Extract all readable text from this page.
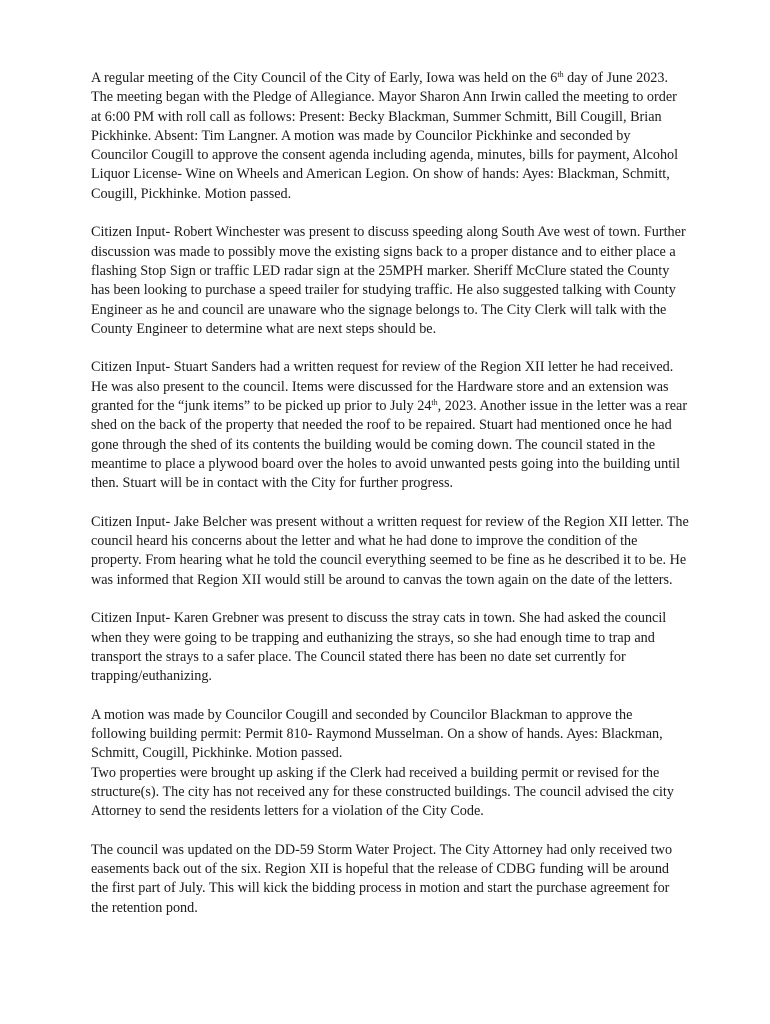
A regular meeting of the City Council of the City of Early, Iowa was held on the 6th day of June 2023. The meeting began with the Pledge of Allegiance. Mayor Sharon Ann Irwin called the meeting to order at 6:00 PM with roll call as follows: Present: Becky Blackman, Summer Schmitt, Bill Cougill, Brian Pickhinke. Absent: Tim Langner. A motion was made by Councilor Pickhinke and seconded by Councilor Cougill to approve the consent agenda including agenda, minutes, bills for payment, Alcohol Liquor License- Wine on Wheels and American Legion. On show of hands: Ayes: Blackman, Schmitt, Cougill, Pickhinke. Motion passed.

Citizen Input- Robert Winchester was present to discuss speeding along South Ave west of town. Further discussion was made to possibly move the existing signs back to a proper distance and to either place a flashing Stop Sign or traffic LED radar sign at the 25MPH marker. Sheriff McClure stated the County has been looking to purchase a speed trailer for studying traffic. He also suggested talking with County Engineer as he and council are unaware who the signage belongs to. The City Clerk will talk with the County Engineer to determine what are next steps should be.

Citizen Input- Stuart Sanders had a written request for review of the Region XII letter he had received. He was also present to the council. Items were discussed for the Hardware store and an extension was granted for the “junk items” to be picked up prior to July 24th, 2023. Another issue in the letter was a rear shed on the back of the property that needed the roof to be repaired. Stuart had mentioned once he had gone through the shed of its contents the building would be coming down. The council stated in the meantime to place a plywood board over the holes to avoid unwanted pests going into the building until then. Stuart will be in contact with the City for further progress.

Citizen Input- Jake Belcher was present without a written request for review of the Region XII letter. The council heard his concerns about the letter and what he had done to improve the condition of the property. From hearing what he told the council everything seemed to be fine as he described it to be. He was informed that Region XII would still be around to canvas the town again on the date of the letters.

Citizen Input- Karen Grebner was present to discuss the stray cats in town. She had asked the council when they were going to be trapping and euthanizing the strays, so she had enough time to trap and transport the strays to a safer place. The Council stated there has been no date set currently for trapping/euthanizing.

A motion was made by Councilor Cougill and seconded by Councilor Blackman to approve the following building permit: Permit 810- Raymond Musselman. On a show of hands. Ayes: Blackman, Schmitt, Cougill, Pickhinke. Motion passed.

Two properties were brought up asking if the Clerk had received a building permit or revised for the structure(s). The city has not received any for these constructed buildings. The council advised the city Attorney to send the residents letters for a violation of the City Code.

The council was updated on the DD-59 Storm Water Project. The City Attorney had only received two easements back out of the six. Region XII is hopeful that the release of CDBG funding will be around the first part of July. This will kick the bidding process in motion and start the purchase agreement for the retention pond.
